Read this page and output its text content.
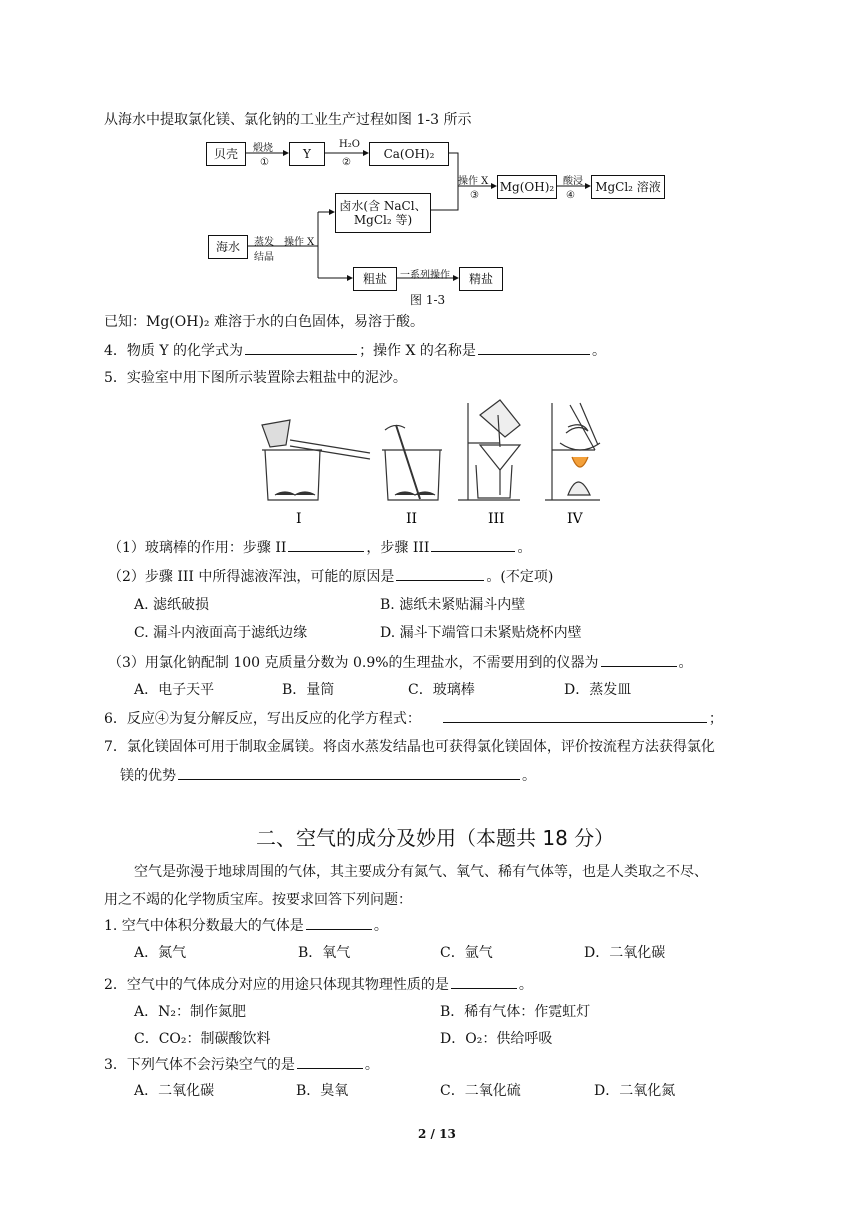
从海水中提取氯化镁、氯化钠的工业生产过程如图 1-3 所示
贝壳	Y	Ca(OH)₂
卤水(含 NaCl、
MgCl₂ 等)
Mg(OH)₂	MgCl₂ 溶液
海水
粗盐	精盐
煅烧
①
H₂O
②
操作 X
③
酸浸
④
蒸发
结晶
操作 X
一系列操作
图 1-3
已知：Mg(OH)₂ 难溶于水的白色固体，易溶于酸。
4．物质 Y 的化学式为	；操作 X 的名称是	。
5．实验室中用下图所示装置除去粗盐中的泥沙。
I	II	III	IV
（1）玻璃棒的作用：步骤 II	，步骤 III	。
（2）步骤 III 中所得滤液浑浊，可能的原因是	。(不定项)
A. 滤纸破损	B. 滤纸未紧贴漏斗内壁
C. 漏斗内液面高于滤纸边缘	D. 漏斗下端管口未紧贴烧杯内壁
（3）用氯化钠配制 100 克质量分数为 0.9%的生理盐水，不需要用到的仪器为	。
A．电子天平	B．量筒	C．玻璃棒	D．蒸发皿
6．反应④为复分解反应，写出反应的化学方程式：	；
7．氯化镁固体可用于制取金属镁。将卤水蒸发结晶也可获得氯化镁固体，评价按流程方法获得氯化
镁的优势	。
二、空气的成分及妙用（本题共 18 分）
空气是弥漫于地球周围的气体，其主要成分有氮气、氧气、稀有气体等，也是人类取之不尽、
用之不竭的化学物质宝库。按要求回答下列问题：
1. 空气中体积分数最大的气体是	。
A．氮气	B．氧气	C．氩气	D．二氧化碳
2．空气中的气体成分对应的用途只体现其物理性质的是	。
A．N₂：制作氮肥	B．稀有气体：作霓虹灯
C．CO₂：制碳酸饮料	D．O₂：供给呼吸
3．下列气体不会污染空气的是	。
A．二氧化碳	B．臭氧	C．二氧化硫	D．二氧化氮
2 / 13
